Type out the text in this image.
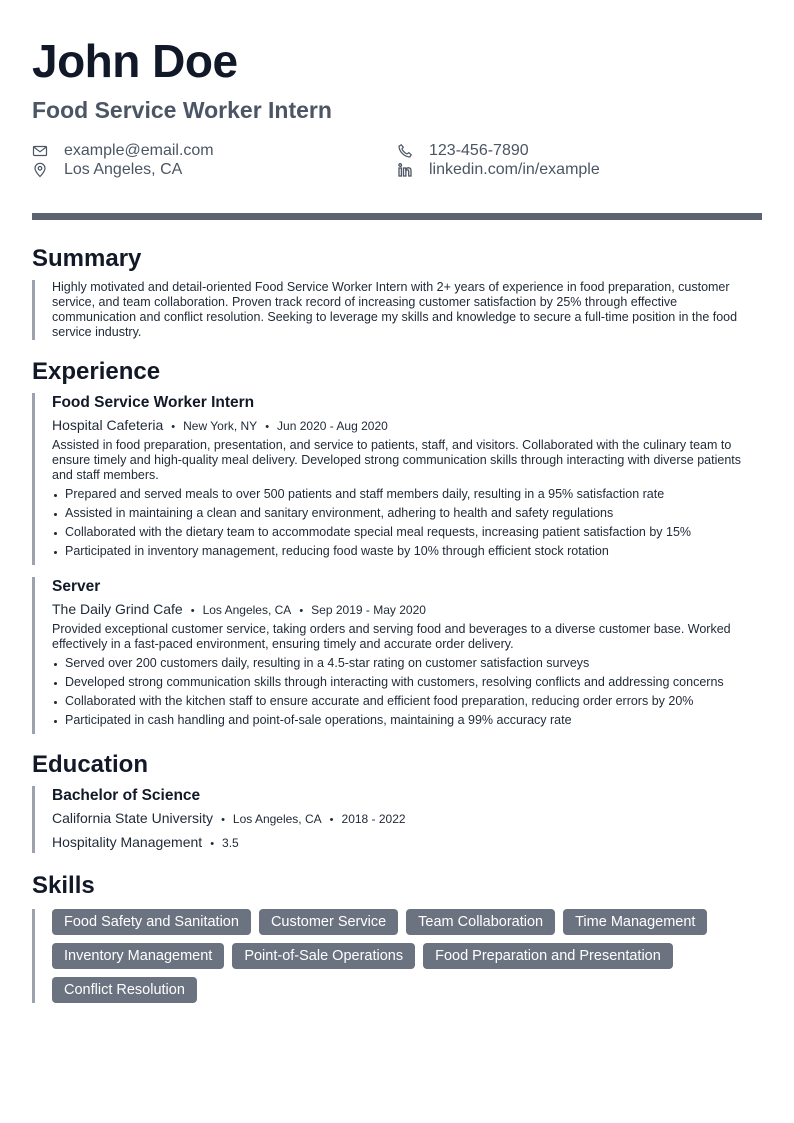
John Doe
Food Service Worker Intern
example@email.com	123-456-7890
Los Angeles, CA	linkedin.com/in/example
Summary

Highly motivated and detail-oriented Food Service Worker Intern with 2+ years of experience in food preparation, customer service, and team collaboration. Proven track record of increasing customer satisfaction by 25% through effective communication and conflict resolution. Seeking to leverage my skills and knowledge to secure a full-time position in the food service industry.

Experience
Food Service Worker Intern
Hospital Cafeteria • New York, NY • Jun 2020 - Aug 2020
Assisted in food preparation, presentation, and service to patients, staff, and visitors. Collaborated with the culinary team to ensure timely and high-quality meal delivery. Developed strong communication skills through interacting with diverse patients and staff members.
Prepared and served meals to over 500 patients and staff members daily, resulting in a 95% satisfaction rate
Assisted in maintaining a clean and sanitary environment, adhering to health and safety regulations
Collaborated with the dietary team to accommodate special meal requests, increasing patient satisfaction by 15%
Participated in inventory management, reducing food waste by 10% through efficient stock rotation
Server
The Daily Grind Cafe • Los Angeles, CA • Sep 2019 - May 2020
Provided exceptional customer service, taking orders and serving food and beverages to a diverse customer base. Worked effectively in a fast-paced environment, ensuring timely and accurate order delivery.
Served over 200 customers daily, resulting in a 4.5-star rating on customer satisfaction surveys
Developed strong communication skills through interacting with customers, resolving conflicts and addressing concerns
Collaborated with the kitchen staff to ensure accurate and efficient food preparation, reducing order errors by 20%
Participated in cash handling and point-of-sale operations, maintaining a 99% accuracy rate
Education
Bachelor of Science
California State University • Los Angeles, CA • 2018 - 2022
Hospitality Management • 3.5
Skills
Food Safety and Sanitation	Customer Service	Team Collaboration	Time Management
Inventory Management	Point-of-Sale Operations	Food Preparation and Presentation
Conflict Resolution
